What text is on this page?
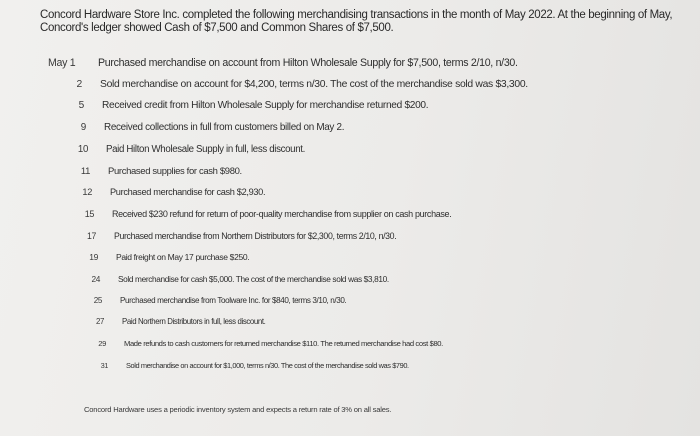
Concord Hardware Store Inc. completed the following merchandising transactions in the month of May 2022. At the beginning of May,

Concord's ledger showed Cash of $7,500 and Common Shares of $7,500.

May 1	Purchased merchandise on account from Hilton Wholesale Supply for $7,500, terms 2/10, n/30.
2 Sold merchandise on account for $4,200, terms n/30. The cost of the merchandise sold was $3,300.
5 Received credit from Hilton Wholesale Supply for merchandise returned $200.
9 Received collections in full from customers billed on May 2.
10 Paid Hilton Wholesale Supply in full, less discount.
11 Purchased supplies for cash $980.
12 Purchased merchandise for cash $2,930.
15 Received $230 refund for return of poor-quality merchandise from supplier on cash purchase.
17 Purchased merchandise from Northern Distributors for $2,300, terms 2/10, n/30.
19 Paid freight on May 17 purchase $250.
24 Sold merchandise for cash $5,000. The cost of the merchandise sold was $3,810.
25 Purchased merchandise from Toolware Inc. for $840, terms 3/10, n/30.
27 Paid Northern Distributors in full, less discount.
29 Made refunds to cash customers for returned merchandise $110. The returned merchandise had cost $80.
31 Sold merchandise on account for $1,000, terms n/30. The cost of the merchandise sold was $790.
Concord Hardware uses a periodic inventory system and expects a return rate of 3% on all sales.
